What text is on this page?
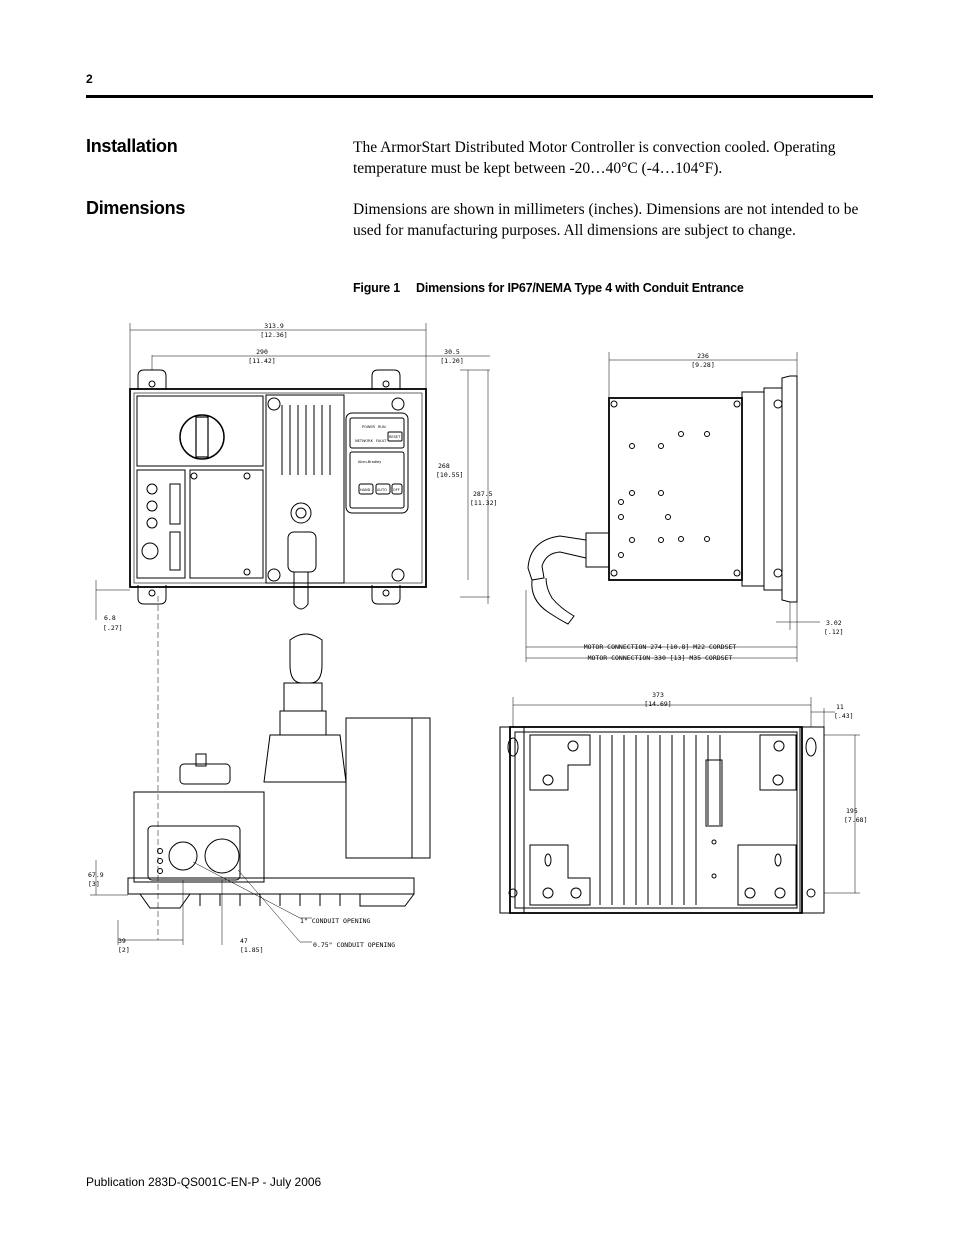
2
Installation	The ArmorStart Distributed Motor Controller is convection cooled. Operating temperature must be kept between -20…40°C (-4…104°F).
Dimensions	Dimensions are shown in millimeters (inches). Dimensions are not intended to be used for manufacturing purposes. All dimensions are subject to change.
Figure 1 Dimensions for IP67/NEMA Type 4 with Conduit Entrance
313.9
[12.36]
290
[11.42]
30.5
[1.20]
268
[10.55]
287.5
[11.32]
6.8
[.27]
236
[9.28]
3.02
[.12]
MOTOR CONNECTION 274 [10.8] M22 CORDSET
MOTOR CONNECTION 330 [13] M35 CORDSET
67.9
[3]
39
[2]
47
[1.85]
1" CONDUIT OPENING
0.75" CONDUIT OPENING
373
[14.69]	11
[.43]
195
[7.68]
POWER RUN
NETWORK FAULT
RESET
Allen-Bradley
HAND AUTO OFF
Publication 283D-QS001C-EN-P - July 2006
